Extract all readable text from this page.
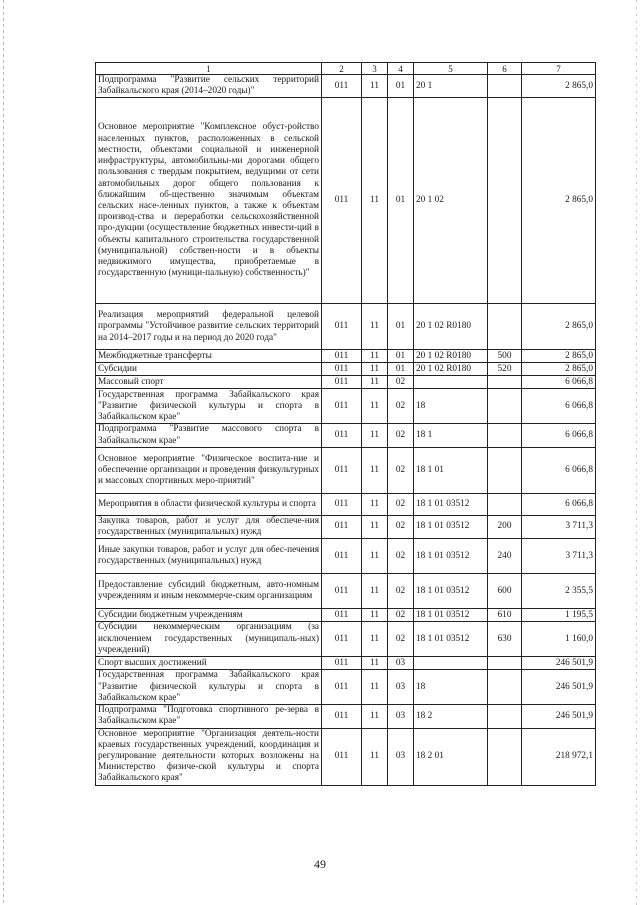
1	2	3	4	5	6	7
Подпрограмма "Развитие сельских территорий Забайкальского края (2014–2020 годы)"	011	11	01	20 1		2 865,0
Основное мероприятие "Комплексное обуст-ройство населенных пунктов, расположенных в сельской местности, объектами социальной и инженерной инфраструктуры, автомобильны-ми дорогами общего пользования с твердым покрытием, ведущими от сети автомобильных дорог общего пользования к ближайшим об-щественно значимым объектам сельских насе-ленных пунктов, а также к объектам производ-ства и переработки сельскохозяйственной про-дукции (осуществление бюджетных инвести-ций в объекты капитального строительства государственной (муниципальной) собствен-ности и в объекты недвижимого имущества, приобретаемые в государственную (муници-пальную) собственность)"	011	11	01	20 1 02		2 865,0
Реализация мероприятий федеральной целевой программы "Устойчивое развитие сельских территорий на 2014–2017 годы и на период до 2020 года"	011	11	01	20 1 02 R0180		2 865,0
Межбюджетные трансферты	011	11	01	20 1 02 R0180	500	2 865,0
Субсидии	011	11	01	20 1 02 R0180	520	2 865,0
Массовый спорт	011	11	02			6 066,8
Государственная программа Забайкальского края "Развитие физической культуры и спорта в Забайкальском крае"	011	11	02	18		6 066,8
Подпрограмма "Развитие массового спорта в Забайкальском крае"	011	11	02	18 1		6 066,8
Основное мероприятие "Физическое воспита-ние и обеспечение организации и проведения физкультурных и массовых спортивных меро-приятий"	011	11	02	18 1 01		6 066,8
Мероприятия в области физической культуры и спорта	011	11	02	18 1 01 03512		6 066,8
Закупка товаров, работ и услуг для обеспече-ния государственных (муниципальных) нужд	011	11	02	18 1 01 03512	200	3 711,3
Иные закупки товаров, работ и услуг для обес-печения государственных (муниципальных) нужд	011	11	02	18 1 01 03512	240	3 711,3
Предоставление субсидий бюджетным, авто-номным учреждениям и иным некоммерче-ским организациям	011	11	02	18 1 01 03512	600	2 355,5
Субсидии бюджетным учреждениям	011	11	02	18 1 01 03512	610	1 195,5
Субсидии некоммерческим организациям (за исключением государственных (муниципаль-ных) учреждений)	011	11	02	18 1 01 03512	630	1 160,0
Спорт высших достижений	011	11	03			246 501,9
Государственная программа Забайкальского края "Развитие физической культуры и спорта в Забайкальском крае"	011	11	03	18		246 501,9
Подпрограмма "Подготовка спортивного ре-зерва в Забайкальском крае"	011	11	03	18 2		246 501,9
Основное мероприятие "Организация деятель-ности краевых государственных учреждений, координация и регулирование деятельности которых возложены на Министерство физиче-ской культуры и спорта Забайкальского края"	011	11	03	18 2 01		218 972,1
49
